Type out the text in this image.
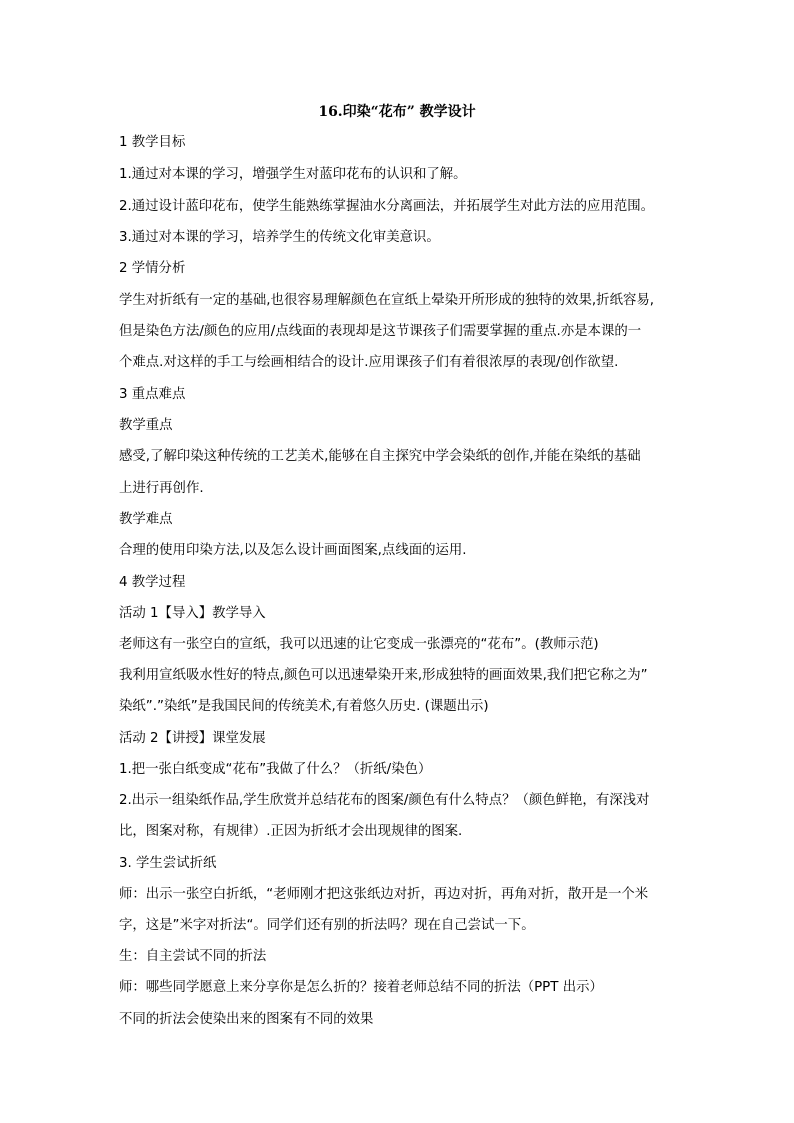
16.印染“花布” 教学设计
1 教学目标
1.通过对本课的学习，增强学生对蓝印花布的认识和了解。
2.通过设计蓝印花布，使学生能熟练掌握油水分离画法，并拓展学生对此方法的应用范围。
3.通过对本课的学习，培养学生的传统文化审美意识。
2 学情分析
学生对折纸有一定的基础,也很容易理解颜色在宣纸上晕染开所形成的独特的效果,折纸容易,
但是染色方法/颜色的应用/点线面的表现却是这节课孩子们需要掌握的重点.亦是本课的一
个难点.对这样的手工与绘画相结合的设计.应用课孩子们有着很浓厚的表现/创作欲望.
3 重点难点
教学重点
感受,了解印染这种传统的工艺美术,能够在自主探究中学会染纸的创作,并能在染纸的基础
上进行再创作.
教学难点
合理的使用印染方法,以及怎么设计画面图案,点线面的运用.
4 教学过程
活动 1【导入】教学导入
老师这有一张空白的宣纸，我可以迅速的让它变成一张漂亮的“花布”。(教师示范)
我利用宣纸吸水性好的特点,颜色可以迅速晕染开来,形成独特的画面效果,我们把它称之为”
染纸”.”染纸”是我国民间的传统美术,有着悠久历史. (课题出示)
活动 2【讲授】课堂发展
1.把一张白纸变成“花布”我做了什么？（折纸/染色）
2.出示一组染纸作品,学生欣赏并总结花布的图案/颜色有什么特点？（颜色鲜艳，有深浅对
比，图案对称，有规律）.正因为折纸才会出现规律的图案.
3. 学生尝试折纸
师：出示一张空白折纸，“老师刚才把这张纸边对折，再边对折，再角对折，散开是一个米
字，这是”米字对折法“。同学们还有别的折法吗？现在自己尝试一下。
生：自主尝试不同的折法
师：哪些同学愿意上来分享你是怎么折的？接着老师总结不同的折法（PPT 出示）
不同的折法会使染出来的图案有不同的效果
